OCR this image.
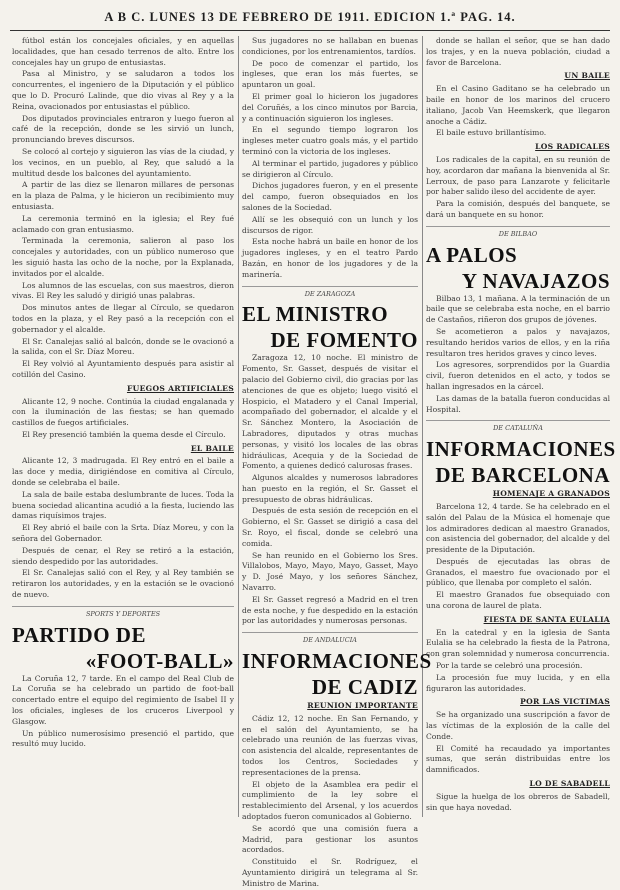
A B C. LUNES 13 DE FEBRERO DE 1911. EDICION 1.ª PAG. 14.

fútbol están los concejales oficiales, y en aquellas localidades, que han cesado terrenos de alto. Entre los concejales hay un grupo de entusiastas.

Pasa al Ministro, y se saludaron a todos los concurrentes, el ingeniero de la Diputación y el público que lo D. Procuró Lalinde, que dio vivas al Rey y a la Reina, ovacionados por entusiastas el público.

Dos diputados provinciales entraron y luego fueron al café de la recepción, donde se les sirvió un lunch, pronunciando breves discursos.

Se colocó al cortejo y siguieron las vías de la ciudad, y los vecinos, en un pueblo, al Rey, que saludó a la multitud desde los balcones del ayuntamiento.

A partir de las diez se llenaron millares de personas en la plaza de Palma, y le hicieron un recibimiento muy entusiasta.

La ceremonia terminó en la iglesia; el Rey fué aclamado con gran entusiasmo.

Terminada la ceremonia, salieron al paso los concejales y autoridades, con un público numeroso que les siguió hasta las ocho de la noche, por la Explanada, invitados por el alcalde.

Los alumnos de las escuelas, con sus maestros, dieron vivas. El Rey les saludó y dirigió unas palabras.

Dos minutos antes de llegar al Círculo, se quedaron todos en la plaza, y el Rey pasó a la recepción con el gobernador y el alcalde.

El Sr. Canalejas salió al balcón, donde se le ovacionó a la salida, con el Sr. Díaz Moreu.

El Rey volvió al Ayuntamiento después para asistir al cotillón del Casino.

FUEGOS ARTIFICIALES

Alicante 12, 9 noche. Continúa la ciudad engalanada y con la iluminación de las fiestas; se han quemado castillos de fuegos artificiales.

El Rey presenció también la quema desde el Círculo.

EL BAILE

Alicante 12, 3 madrugada. El Rey entró en el baile a las doce y media, dirigiéndose en comitiva al Círculo, donde se celebraba el baile.

La sala de baile estaba deslumbrante de luces. Toda la buena sociedad alicantina acudió a la fiesta, luciendo las damas riquísimos trajes.

El Rey abrió el baile con la Srta. Díaz Moreu, y con la señora del Gobernador.

Después de cenar, el Rey se retiró a la estación, siendo despedido por las autoridades.

El Sr. Canalejas salió con el Rey, y al Rey también se retiraron los autoridades, y en la estación se le ovacionó de nuevo.

SPORTS Y DEPORTES
PARTIDO DE
«FOOT-BALL»

La Coruña 12, 7 tarde. En el campo del Real Club de La Coruña se ha celebrado un partido de foot-ball concertado entre el equipo del regimiento de Isabel II y los oficiales, ingleses de los cruceros Liverpool y Glasgow.

Un público numerosísimo presenció el partido, que resultó muy lucido.

Sus jugadores no se hallaban en buenas condiciones, por los entrenamientos, tardíos.

De poco de comenzar el partido, los ingleses, que eran los más fuertes, se apuntaron un goal.

El primer goal lo hicieron los jugadores del Coruñés, a los cinco minutos por Barcia, y a continuación siguieron los ingleses.

En el segundo tiempo lograron los ingleses meter cuatro goals más, y el partido terminó con la victoria de los ingleses.

Al terminar el partido, jugadores y público se dirigieron al Círculo.

Dichos jugadores fueron, y en el presente del campo, fueron obsequiados en los salones de la Sociedad.

Allí se les obsequió con un lunch y los discursos de rigor.

Esta noche habrá un baile en honor de los jugadores ingleses, y en el teatro Pardo Bazán, en honor de los jugadores y de la marinería.

DE ZARAGOZA
EL MINISTRO
DE FOMENTO

Zaragoza 12, 10 noche. El ministro de Fomento, Sr. Gasset, después de visitar el palacio del Gobierno civil, dio gracias por las atenciones de que es objeto; luego visitó el Hospicio, el Matadero y el Canal Imperial, acompañado del gobernador, el alcalde y el Sr. Sánchez Montero, la Asociación de Labradores, diputados y otras muchas personas, y visitó los locales de las obras hidráulicas, Acequia y de la Sociedad de Fomento, a quienes dedicó calurosas frases.

Algunos alcaldes y numerosos labradores han puesto en la región, el Sr. Gasset el presupuesto de obras hidráulicas.

Después de esta sesión de recepción en el Gobierno, el Sr. Gasset se dirigió a casa del Sr. Royo, el fiscal, donde se celebró una comida.

Se han reunido en el Gobierno los Sres. Villalobos, Mayo, Mayo, Mayo, Gasset, Mayo y D. José Mayo, y los señores Sánchez, Navarro.

El Sr. Gasset regresó a Madrid en el tren de esta noche, y fue despedido en la estación por las autoridades y numerosas personas.

DE ANDALUCIA
INFORMACIONES
DE CADIZ
REUNION IMPORTANTE

Cádiz 12, 12 noche. En San Fernando, y en el salón del Ayuntamiento, se ha celebrado una reunión de las fuerzas vivas, con asistencia del alcalde, representantes de todos los Centros, Sociedades y representaciones de la prensa.

El objeto de la Asamblea era pedir el cumplimiento de la ley sobre el restablecimiento del Arsenal, y los acuerdos adoptados fueron comunicados al Gobierno.

Se acordó que una comisión fuera a Madrid, para gestionar los asuntos acordados.

Constituido el Sr. Rodríguez, el Ayuntamiento dirigirá un telegrama al Sr. Ministro de Marina.

donde se hallan el señor, que se han dado los trajes, y en la nueva población, ciudad a favor de Barcelona.

UN BAILE

En el Casino Gaditano se ha celebrado un baile en honor de los marinos del crucero italiano, Jacob Van Heemskerk, que llegaron anoche a Cádiz.

El baile estuvo brillantísimo.

LOS RADICALES

Los radicales de la capital, en su reunión de hoy, acordaron dar mañana la bienvenida al Sr. Lerroux, de paso para Lanzarote y felicitarle por haber salido ileso del accidente de ayer.

Para la comisión, después del banquete, se dará un banquete en su honor.

DE BILBAO
A PALOS
Y NAVAJAZOS

Bilbao 13, 1 mañana. A la terminación de un baile que se celebraba esta noche, en el barrio de Castaños, riñeron dos grupos de jóvenes.

Se acometieron a palos y navajazos, resultando heridos varios de ellos, y en la riña resultaron tres heridos graves y cinco leves.

Los agresores, sorprendidos por la Guardia civil, fueron detenidos en el acto, y todos se hallan ingresados en la cárcel.

Las damas de la batalla fueron conducidas al Hospital.

DE CATALUÑA
INFORMACIONES
DE BARCELONA
HOMENAJE A GRANADOS

Barcelona 12, 4 tarde. Se ha celebrado en el salón del Palau de la Música el homenaje que los admiradores dedican al maestro Granados, con asistencia del gobernador, del alcalde y del presidente de la Diputación.

Después de ejecutadas las obras de Granados, el maestro fue ovacionado por el público, que llenaba por completo el salón.

El maestro Granados fue obsequiado con una corona de laurel de plata.

FIESTA DE SANTA EULALIA

En la catedral y en la iglesia de Santa Eulalia se ha celebrado la fiesta de la Patrona, con gran solemnidad y numerosa concurrencia.

Por la tarde se celebró una procesión.

La procesión fue muy lucida, y en ella figuraron las autoridades.

POR LAS VICTIMAS

Se ha organizado una suscripción a favor de las víctimas de la explosión de la calle del Conde.

El Comité ha recaudado ya importantes sumas, que serán distribuidas entre los damnificados.

LO DE SABADELL

Sigue la huelga de los obreros de Sabadell, sin que haya novedad.
